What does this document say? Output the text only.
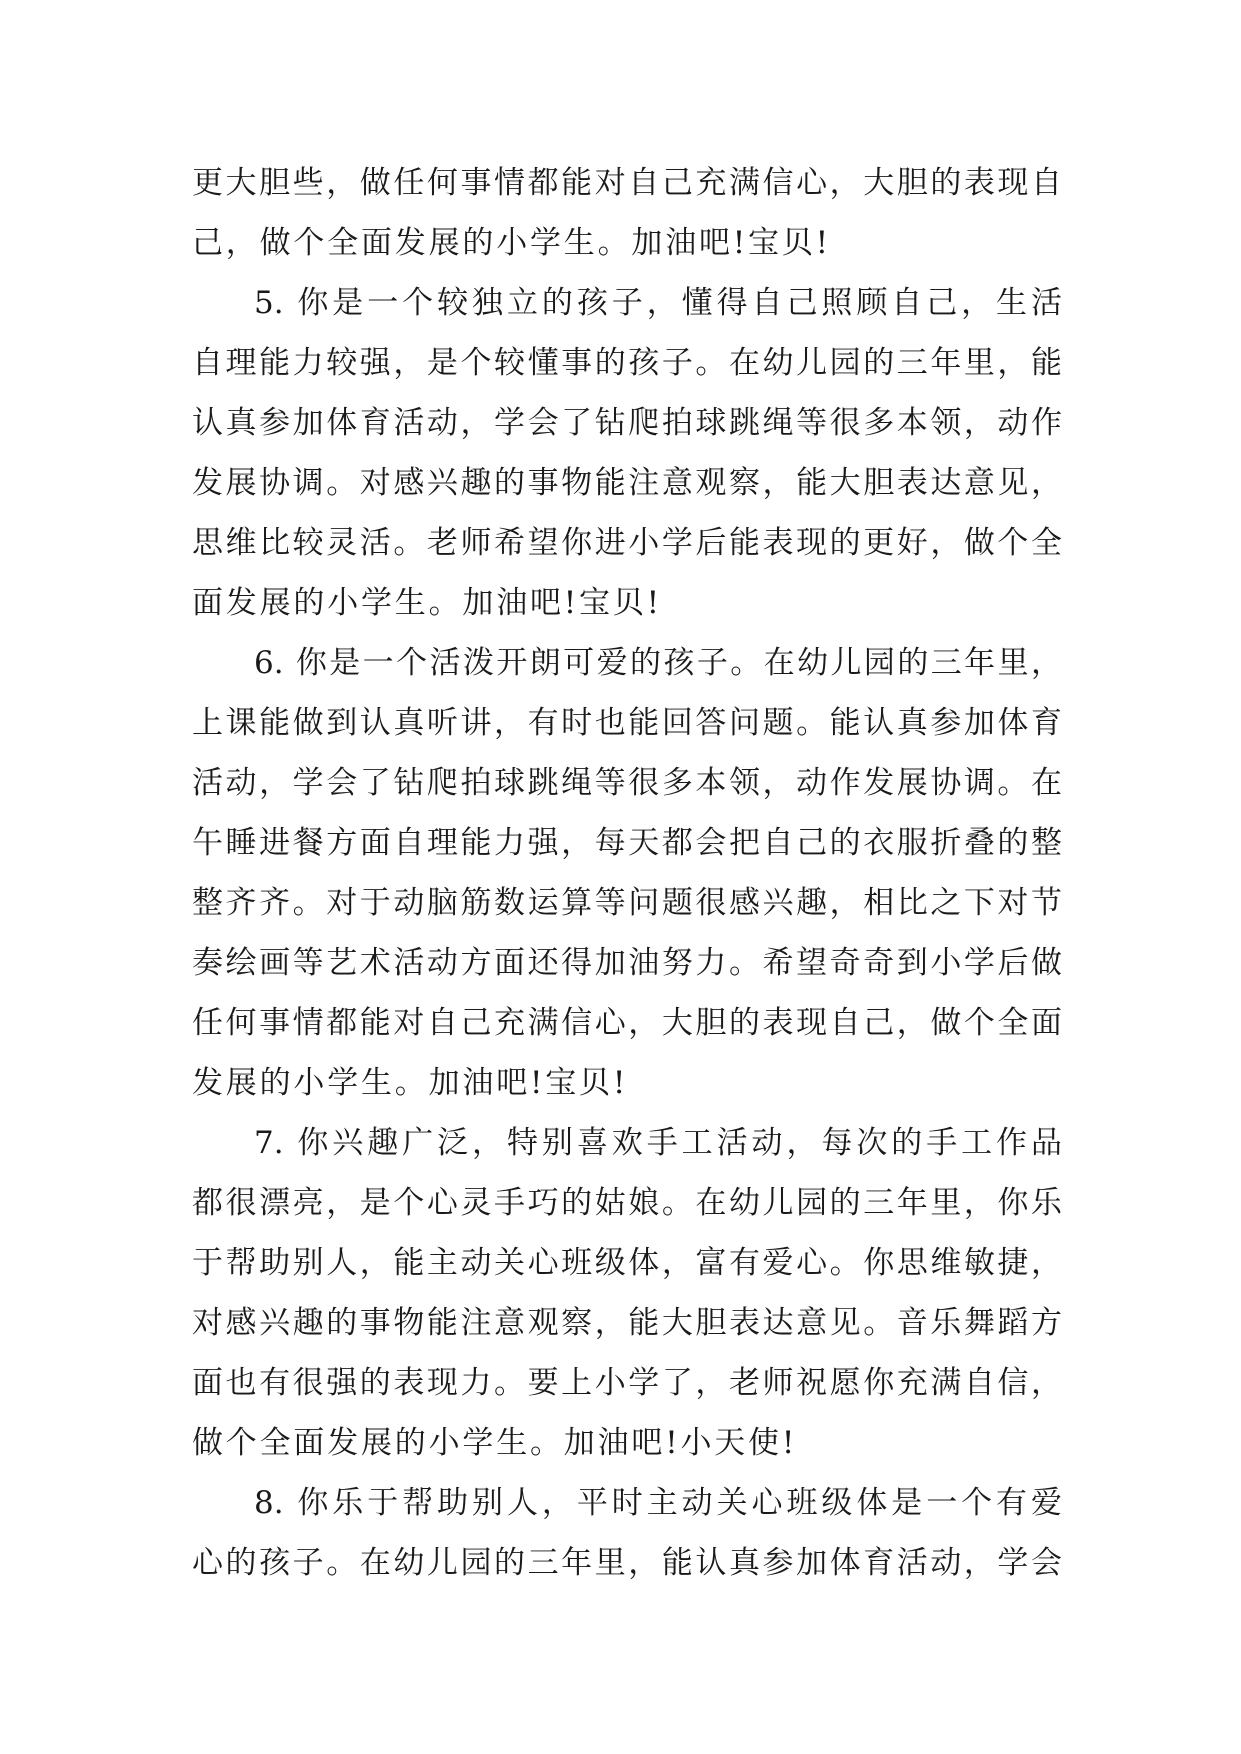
更大胆些，做任何事情都能对自己充满信心，大胆的表现自
己，做个全面发展的小学生。加油吧!宝贝!
5. 你是一个较独立的孩子，懂得自己照顾自己，生活
自理能力较强，是个较懂事的孩子。在幼儿园的三年里，能
认真参加体育活动，学会了钻爬拍球跳绳等很多本领，动作
发展协调。对感兴趣的事物能注意观察，能大胆表达意见，
思维比较灵活。老师希望你进小学后能表现的更好，做个全
面发展的小学生。加油吧!宝贝!
6. 你是一个活泼开朗可爱的孩子。在幼儿园的三年里，
上课能做到认真听讲，有时也能回答问题。能认真参加体育
活动，学会了钻爬拍球跳绳等很多本领，动作发展协调。在
午睡进餐方面自理能力强，每天都会把自己的衣服折叠的整
整齐齐。对于动脑筋数运算等问题很感兴趣，相比之下对节
奏绘画等艺术活动方面还得加油努力。希望奇奇到小学后做
任何事情都能对自己充满信心，大胆的表现自己，做个全面
发展的小学生。加油吧!宝贝!
7. 你兴趣广泛，特别喜欢手工活动，每次的手工作品
都很漂亮，是个心灵手巧的姑娘。在幼儿园的三年里，你乐
于帮助别人，能主动关心班级体，富有爱心。你思维敏捷，
对感兴趣的事物能注意观察，能大胆表达意见。音乐舞蹈方
面也有很强的表现力。要上小学了，老师祝愿你充满自信，
做个全面发展的小学生。加油吧!小天使!
8. 你乐于帮助别人，平时主动关心班级体是一个有爱
心的孩子。在幼儿园的三年里，能认真参加体育活动，学会
